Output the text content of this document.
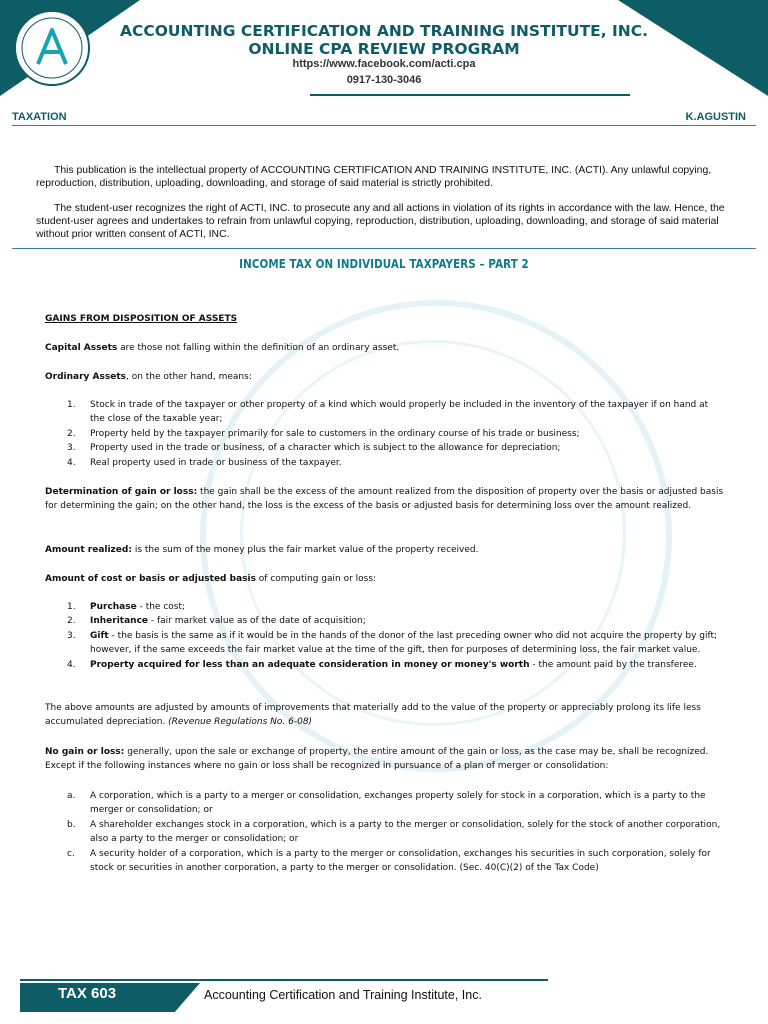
ACCOUNTING CERTIFICATION AND TRAINING INSTITUTE, INC.
ONLINE CPA REVIEW PROGRAM
https://www.facebook.com/acti.cpa
0917-130-3046
TAXATION	K.AGUSTIN

This publication is the intellectual property of ACCOUNTING CERTIFICATION AND TRAINING INSTITUTE, INC. (ACTI). Any unlawful copying, reproduction, distribution, uploading, downloading, and storage of said material is strictly prohibited.

The student-user recognizes the right of ACTI, INC. to prosecute any and all actions in violation of its rights in accordance with the law. Hence, the student-user agrees and undertakes to refrain from unlawful copying, reproduction, distribution, uploading, downloading, and storage of said material without prior written consent of ACTI, INC.

INCOME TAX ON INDIVIDUAL TAXPAYERS – PART 2
GAINS FROM DISPOSITION OF ASSETS
Capital Assets are those not falling within the definition of an ordinary asset.
Ordinary Assets, on the other hand, means:
1. Stock in trade of the taxpayer or other property of a kind which would properly be included in the inventory of the taxpayer if on hand at the close of the taxable year;
2. Property held by the taxpayer primarily for sale to customers in the ordinary course of his trade or business;
3. Property used in the trade or business, of a character which is subject to the allowance for depreciation;
4. Real property used in trade or business of the taxpayer.
Determination of gain or loss: the gain shall be the excess of the amount realized from the disposition of property over the basis or adjusted basis for determining the gain; on the other hand, the loss is the excess of the basis or adjusted basis for determining loss over the amount realized.
Amount realized: is the sum of the money plus the fair market value of the property received.
Amount of cost or basis or adjusted basis of computing gain or loss:
1. Purchase - the cost;
2. Inheritance - fair market value as of the date of acquisition;
3. Gift - the basis is the same as if it would be in the hands of the donor of the last preceding owner who did not acquire the property by gift; however, if the same exceeds the fair market value at the time of the gift, then for purposes of determining loss, the fair market value.
4. Property acquired for less than an adequate consideration in money or money's worth - the amount paid by the transferee.
The above amounts are adjusted by amounts of improvements that materially add to the value of the property or appreciably prolong its life less accumulated depreciation. (Revenue Regulations No. 6-08)
No gain or loss: generally, upon the sale or exchange of property, the entire amount of the gain or loss, as the case may be, shall be recognized. Except if the following instances where no gain or loss shall be recognized in pursuance of a plan of merger or consolidation:
a. A corporation, which is a party to a merger or consolidation, exchanges property solely for stock in a corporation, which is a party to the merger or consolidation; or
b. A shareholder exchanges stock in a corporation, which is a party to the merger or consolidation, solely for the stock of another corporation, also a party to the merger or consolidation; or
c. A security holder of a corporation, which is a party to the merger or consolidation, exchanges his securities in such corporation, solely for stock or securities in another corporation, a party to the merger or consolidation. (Sec. 40(C)(2) of the Tax Code)
TAX 603	Accounting Certification and Training Institute, Inc.
